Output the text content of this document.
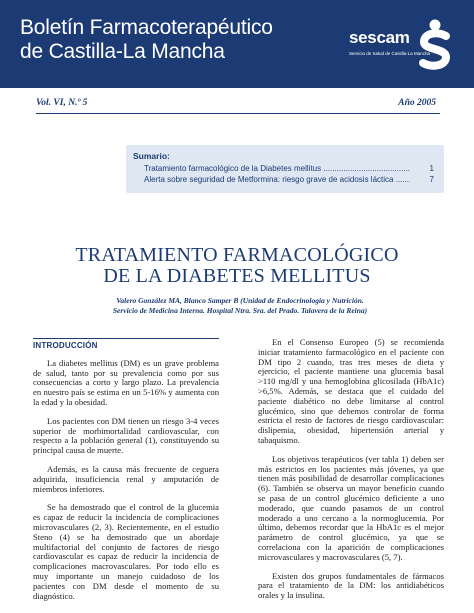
Boletín Farmacoterapéutico
de Castilla-La Mancha
sescam
Servicio de Salud de Castilla-La Mancha
Vol. VI, N.º 5	Año 2005
Sumario:
Tratamiento farmacológico de la Diabetes mellitus .....	1
Alerta sobre seguridad de Metformina: riesgo grave de acidosis láctica .....	7
TRATAMIENTO FARMACOLÓGICO
DE LA DIABETES MELLITUS
Valero González MA, Blanco Samper B (Unidad de Endocrinología y Nutrición.
Servicio de Medicina Interna. Hospital Ntra. Sra. del Prado. Talavera de la Reina)
INTRODUCCIÓN

La diabetes mellitus (DM) es un grave problema de salud, tanto por su prevalencia como por sus consecuencias a corto y largo plazo. La prevalencia en nuestro país se estima en un 5-16% y aumenta con la edad y la obesidad.

Los pacientes con DM tienen un riesgo 3-4 veces superior de morbimortalidad cardiovascular, con respecto a la población general (1), constituyendo su principal causa de muerte.

Además, es la causa más frecuente de ceguera adquirida, insuficiencia renal y amputación de miembros inferiores.

Se ha demostrado que el control de la glucemia es capaz de reducir la incidencia de complicaciones microvasculares (2, 3). Recientemente, en el estudio Steno (4) se ha demostrado que un abordaje multifactorial del conjunto de factores de riesgo cardiovascular es capaz de reducir la incidencia de complicaciones macrovasculares. Por todo ello es muy importante un manejo cuidadoso de los pacientes con DM desde el momento de su diagnóstico.

En el Consenso Europeo (5) se recomienda iniciar tratamiento farmacológico en el paciente con DM tipo 2 cuando, tras tres meses de dieta y ejercicio, el paciente mantiene una glucemia basal >110 mg/dl y una hemoglobina glicosilada (HbA1c) >6,5%. Además, se destaca que el cuidado del paciente diabético no debe limitarse al control glucémico, sino que debemos controlar de forma estricta el resto de factores de riesgo cardiovascular: dislipemia, obesidad, hipertensión arterial y tabaquismo.

Los objetivos terapéuticos (ver tabla 1) deben ser más estrictos en los pacientes más jóvenes, ya que tienen más posibilidad de desarrollar complicaciones (6). También se observa un mayor beneficio cuando se pasa de un control glucémico deficiente a uno moderado, que cuando pasamos de un control moderado a uno cercano a la normoglucemia. Por último, debemos recordar que la HbA1c es el mejor parámetro de control glucémico, ya que se correlaciona con la aparición de complicaciones microvasculares y macrovasculares (5, 7).

Existen dos grupos fundamentales de fármacos para el tratamiento de la DM: los antidiabéticos orales y la insulina.
